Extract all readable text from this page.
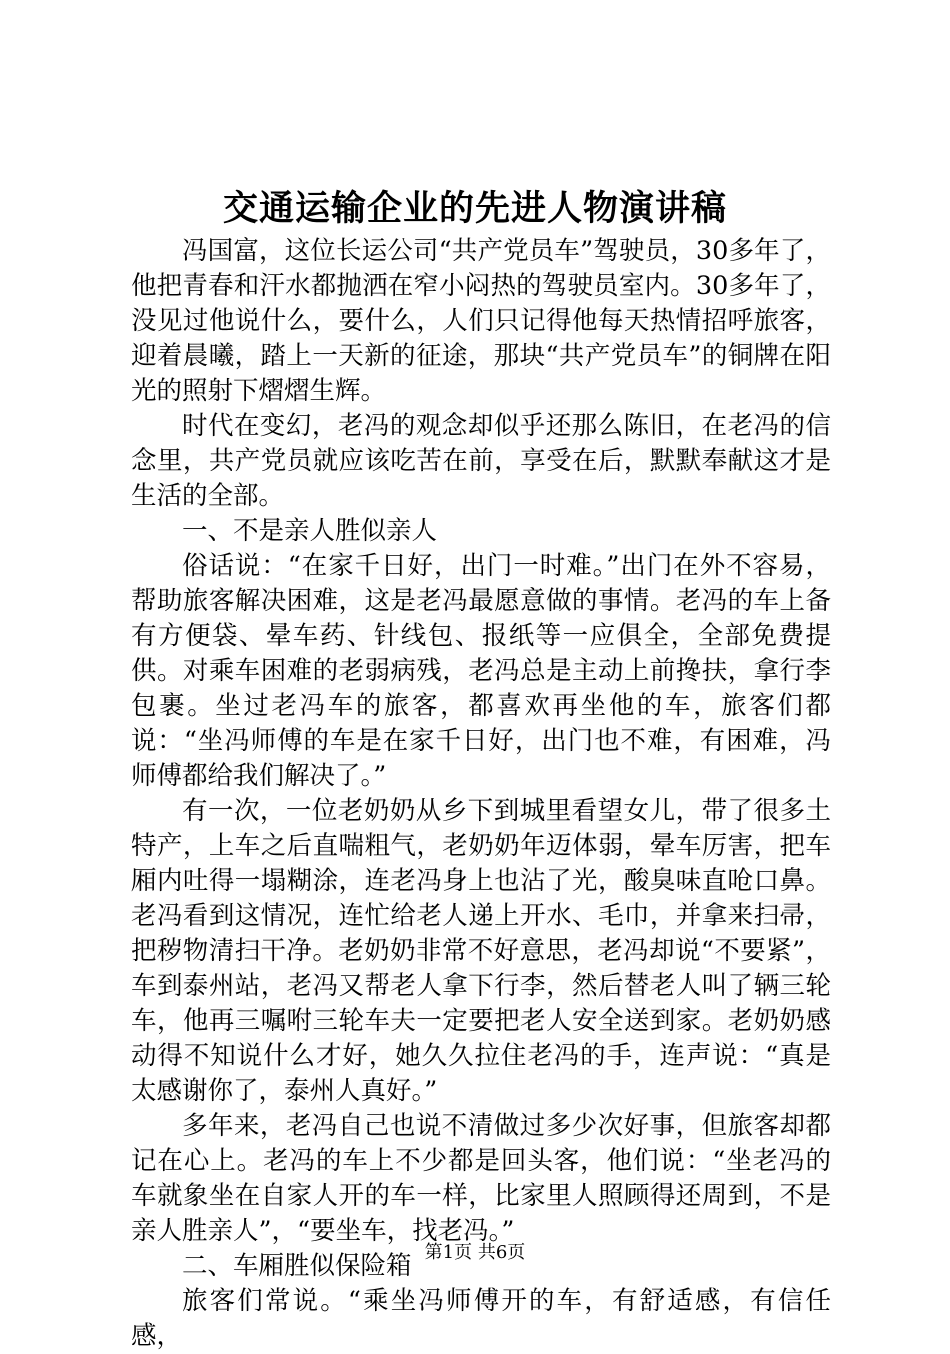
交通运输企业的先进人物演讲稿

冯国富，这位长运公司“共产党员车”驾驶员，30多年了，他把青春和汗水都抛洒在窄小闷热的驾驶员室内。30多年了，没见过他说什么，要什么，人们只记得他每天热情招呼旅客，迎着晨曦，踏上一天新的征途，那块“共产党员车”的铜牌在阳光的照射下熠熠生辉。

时代在变幻，老冯的观念却似乎还那么陈旧，在老冯的信念里，共产党员就应该吃苦在前，享受在后，默默奉献这才是生活的全部。

一、不是亲人胜似亲人

俗话说：“在家千日好，出门一时难。”出门在外不容易，帮助旅客解决困难，这是老冯最愿意做的事情。老冯的车上备有方便袋、晕车药、针线包、报纸等一应俱全，全部免费提供。对乘车困难的老弱病残，老冯总是主动上前搀扶，拿行李包裹。坐过老冯车的旅客，都喜欢再坐他的车，旅客们都说：“坐冯师傅的车是在家千日好，出门也不难，有困难，冯师傅都给我们解决了。”

有一次，一位老奶奶从乡下到城里看望女儿，带了很多土特产，上车之后直喘粗气，老奶奶年迈体弱，晕车厉害，把车厢内吐得一塌糊涂，连老冯身上也沾了光，酸臭味直呛口鼻。老冯看到这情况，连忙给老人递上开水、毛巾，并拿来扫帚，把秽物清扫干净。老奶奶非常不好意思，老冯却说“不要紧”，车到泰州站，老冯又帮老人拿下行李，然后替老人叫了辆三轮车，他再三嘱咐三轮车夫一定要把老人安全送到家。老奶奶感动得不知说什么才好，她久久拉住老冯的手，连声说：“真是太感谢你了，泰州人真好。”

多年来，老冯自己也说不清做过多少次好事，但旅客却都记在心上。老冯的车上不少都是回头客，他们说：“坐老冯的车就象坐在自家人开的车一样，比家里人照顾得还周到，不是亲人胜亲人”，“要坐车，找老冯。”

二、车厢胜似保险箱

旅客们常说。“乘坐冯师傅开的车，有舒适感，有信任感，

第1页 共6页
